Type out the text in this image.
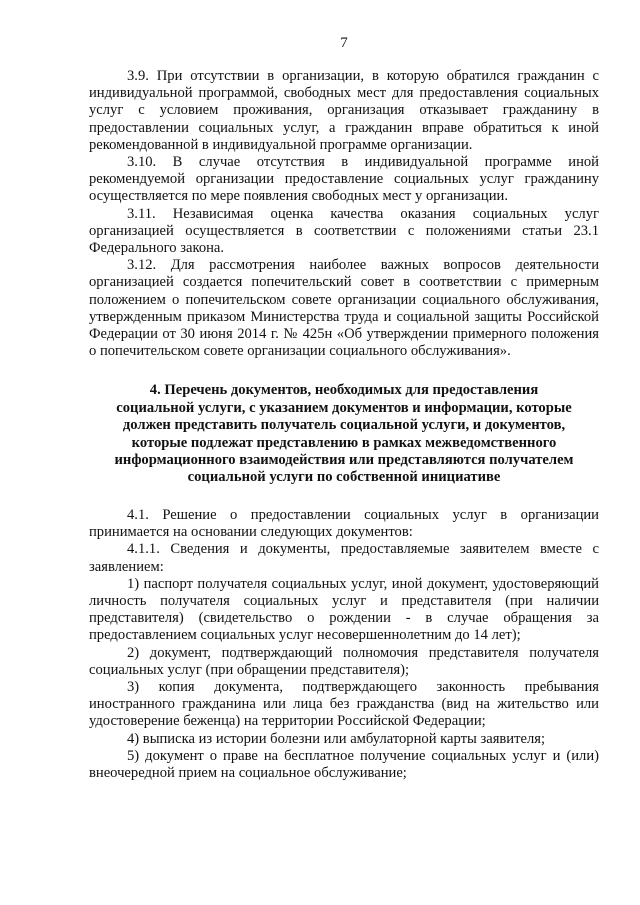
7

3.9. При отсутствии в организации, в которую обратился гражданин с индивидуальной программой, свободных мест для предоставления социальных услуг с условием проживания, организация отказывает гражданину в предоставлении социальных услуг, а гражданин вправе обратиться к иной рекомендованной в индивидуальной программе организации.

3.10. В случае отсутствия в индивидуальной программе иной рекомендуемой организации предоставление социальных услуг гражданину осуществляется по мере появления свободных мест у организации.

3.11. Независимая оценка качества оказания социальных услуг организацией осуществляется в соответствии с положениями статьи 23.1 Федерального закона.

3.12. Для рассмотрения наиболее важных вопросов деятельности организацией создается попечительский совет в соответствии с примерным положением о попечительском совете организации социального обслуживания, утвержденным приказом Министерства труда и социальной защиты Российской Федерации от 30 июня 2014 г. № 425н «Об утверждении примерного положения о попечительском совете организации социального обслуживания».

4. Перечень документов, необходимых для предоставления
социальной услуги, с указанием документов и информации, которые
должен представить получатель социальной услуги, и документов,
которые подлежат представлению в рамках межведомственного
информационного взаимодействия или представляются получателем
социальной услуги по собственной инициативе

4.1. Решение о предоставлении социальных услуг в организации принимается на основании следующих документов:

4.1.1. Сведения и документы, предоставляемые заявителем вместе с заявлением:

1) паспорт получателя социальных услуг, иной документ, удостоверяющий личность получателя социальных услуг и представителя (при наличии представителя) (свидетельство о рождении - в случае обращения за предоставлением социальных услуг несовершеннолетним до 14 лет);

2) документ, подтверждающий полномочия представителя получателя социальных услуг (при обращении представителя);

3) копия документа, подтверждающего законность пребывания иностранного гражданина или лица без гражданства (вид на жительство или удостоверение беженца) на территории Российской Федерации;

4) выписка из истории болезни или амбулаторной карты заявителя;

5) документ о праве на бесплатное получение социальных услуг и (или) внеочередной прием на социальное обслуживание;
